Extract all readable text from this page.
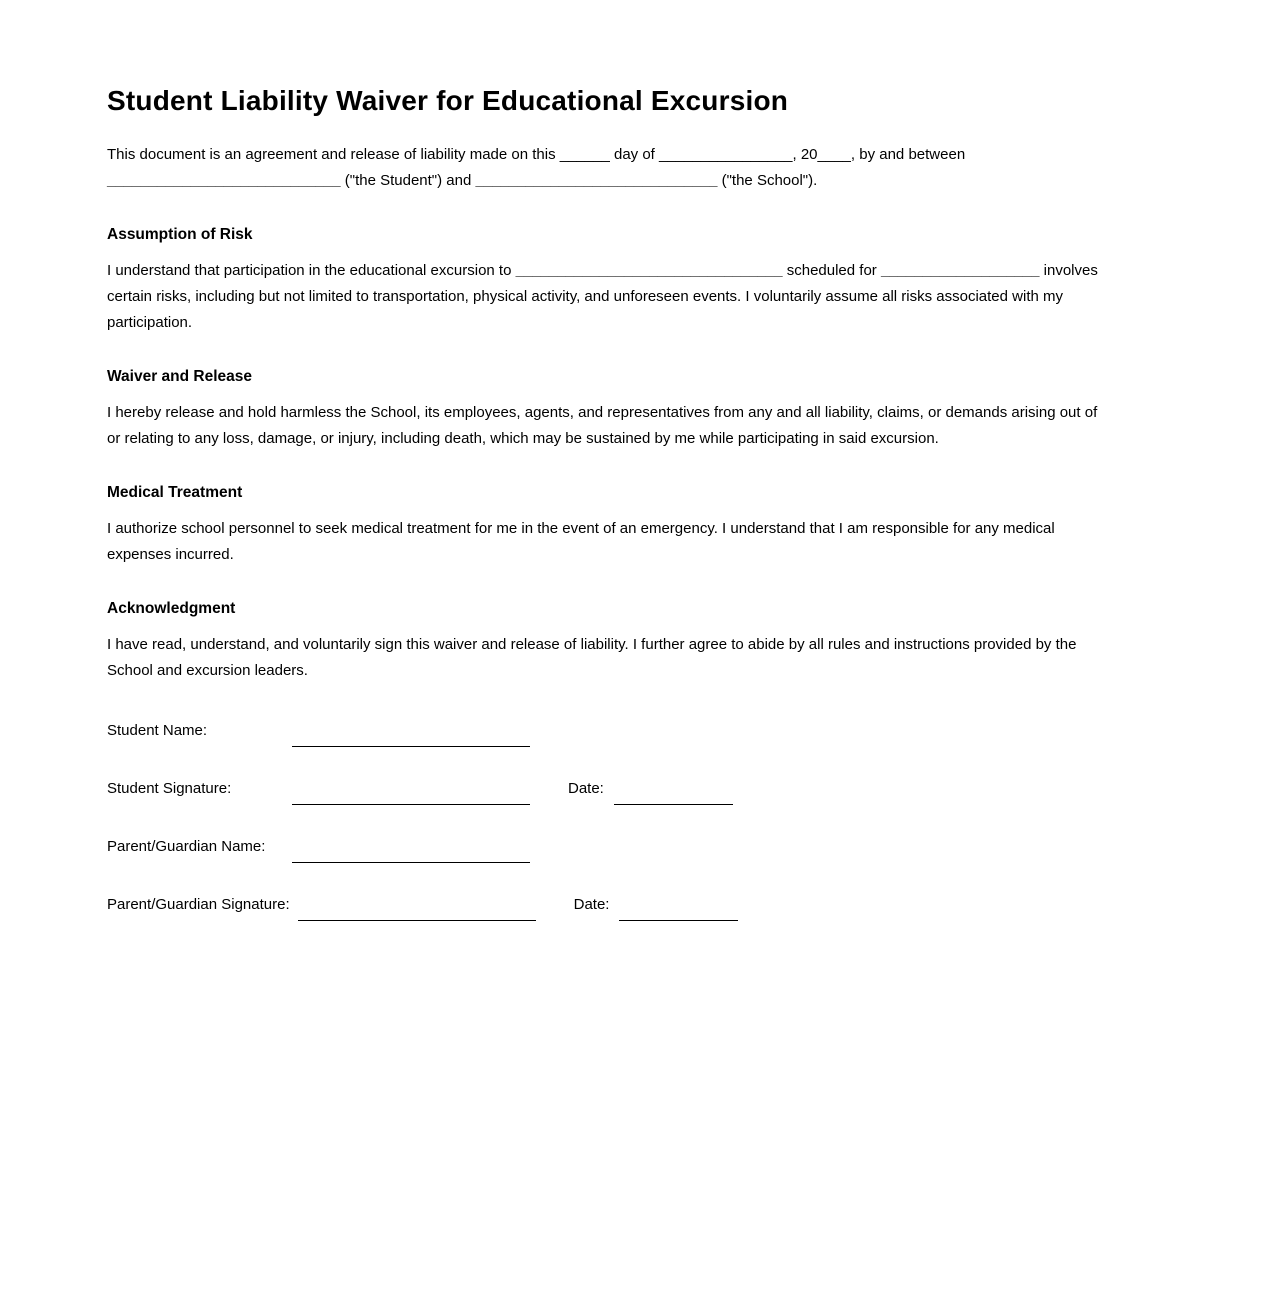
Student Liability Waiver for Educational Excursion
This document is an agreement and release of liability made on this ______ day of ________________, 20____, by and between
____________________________ ("the Student") and _____________________________ ("the School").
Assumption of Risk
I understand that participation in the educational excursion to ________________________________ scheduled for ___________________ involves
certain risks, including but not limited to transportation, physical activity, and unforeseen events. I voluntarily assume all risks associated with my
participation.
Waiver and Release
I hereby release and hold harmless the School, its employees, agents, and representatives from any and all liability, claims, or demands arising out of
or relating to any loss, damage, or injury, including death, which may be sustained by me while participating in said excursion.
Medical Treatment
I authorize school personnel to seek medical treatment for me in the event of an emergency. I understand that I am responsible for any medical
expenses incurred.
Acknowledgment
I have read, understand, and voluntarily sign this waiver and release of liability. I further agree to abide by all rules and instructions provided by the
School and excursion leaders.
Student Name:
Student Signature:	Date:
Parent/Guardian Name:
Parent/Guardian Signature:	Date:
